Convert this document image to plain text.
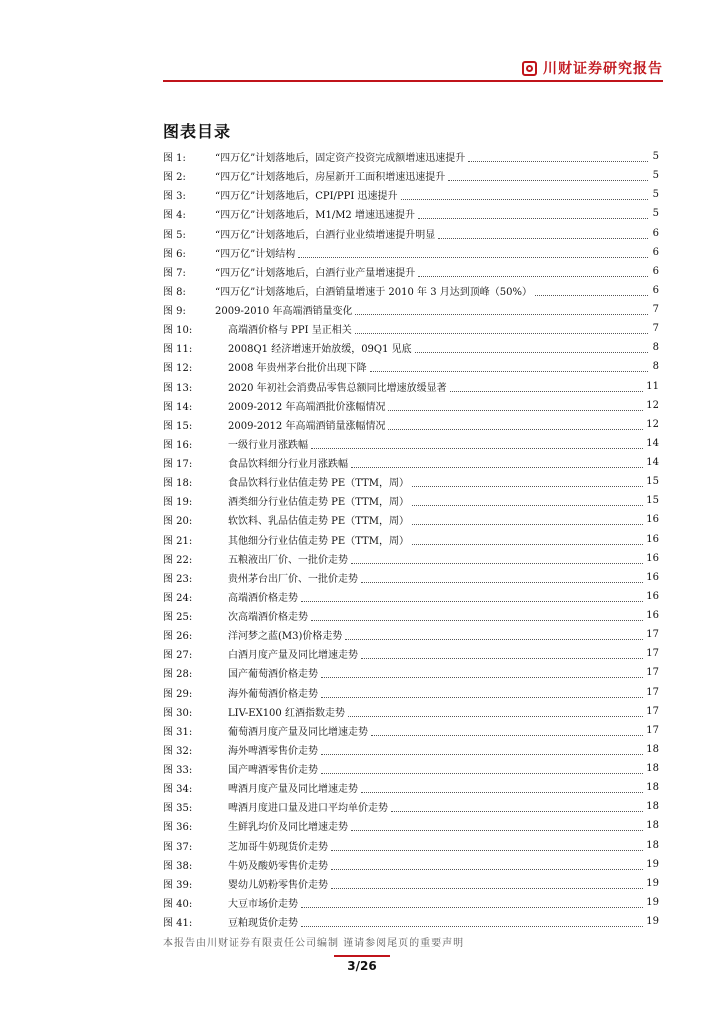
川财证券研究报告
图表目录
图 1:	“四万亿”计划落地后，固定资产投资完成额增速迅速提升	5
图 2:	“四万亿”计划落地后，房屋新开工面积增速迅速提升	5
图 3:	“四万亿”计划落地后，CPI/PPI 迅速提升	5
图 4:	“四万亿”计划落地后，M1/M2 增速迅速提升	5
图 5:	“四万亿”计划落地后，白酒行业业绩增速提升明显	6
图 6:	“四万亿”计划结构	6
图 7:	“四万亿”计划落地后，白酒行业产量增速提升	6
图 8:	“四万亿”计划落地后，白酒销量增速于 2010 年 3 月达到顶峰（50%）	6
图 9:	2009-2010 年高端酒销量变化	7
图 10:	高端酒价格与 PPI 呈正相关	7
图 11:	2008Q1 经济增速开始放缓，09Q1 见底	8
图 12:	2008 年贵州茅台批价出现下降	8
图 13:	2020 年初社会消费品零售总额同比增速放缓显著	11
图 14:	2009-2012 年高端酒批价涨幅情况	12
图 15:	2009-2012 年高端酒销量涨幅情况	12
图 16:	一级行业月涨跌幅	14
图 17:	食品饮料细分行业月涨跌幅	14
图 18:	食品饮料行业估值走势 PE（TTM，周）	15
图 19:	酒类细分行业估值走势 PE（TTM，周）	15
图 20:	软饮料、乳品估值走势 PE（TTM，周）	16
图 21:	其他细分行业估值走势 PE（TTM，周）	16
图 22:	五粮液出厂价、一批价走势	16
图 23:	贵州茅台出厂价、一批价走势	16
图 24:	高端酒价格走势	16
图 25:	次高端酒价格走势	16
图 26:	洋河梦之蓝(M3)价格走势	17
图 27:	白酒月度产量及同比增速走势	17
图 28:	国产葡萄酒价格走势	17
图 29:	海外葡萄酒价格走势	17
图 30:	LIV-EX100 红酒指数走势	17
图 31:	葡萄酒月度产量及同比增速走势	17
图 32:	海外啤酒零售价走势	18
图 33:	国产啤酒零售价走势	18
图 34:	啤酒月度产量及同比增速走势	18
图 35:	啤酒月度进口量及进口平均单价走势	18
图 36:	生鲜乳均价及同比增速走势	18
图 37:	芝加哥牛奶现货价走势	18
图 38:	牛奶及酸奶零售价走势	19
图 39:	婴幼儿奶粉零售价走势	19
图 40:	大豆市场价走势	19
图 41:	豆粕现货价走势	19
本报告由川财证券有限责任公司编制 谨请参阅尾页的重要声明
3/26
